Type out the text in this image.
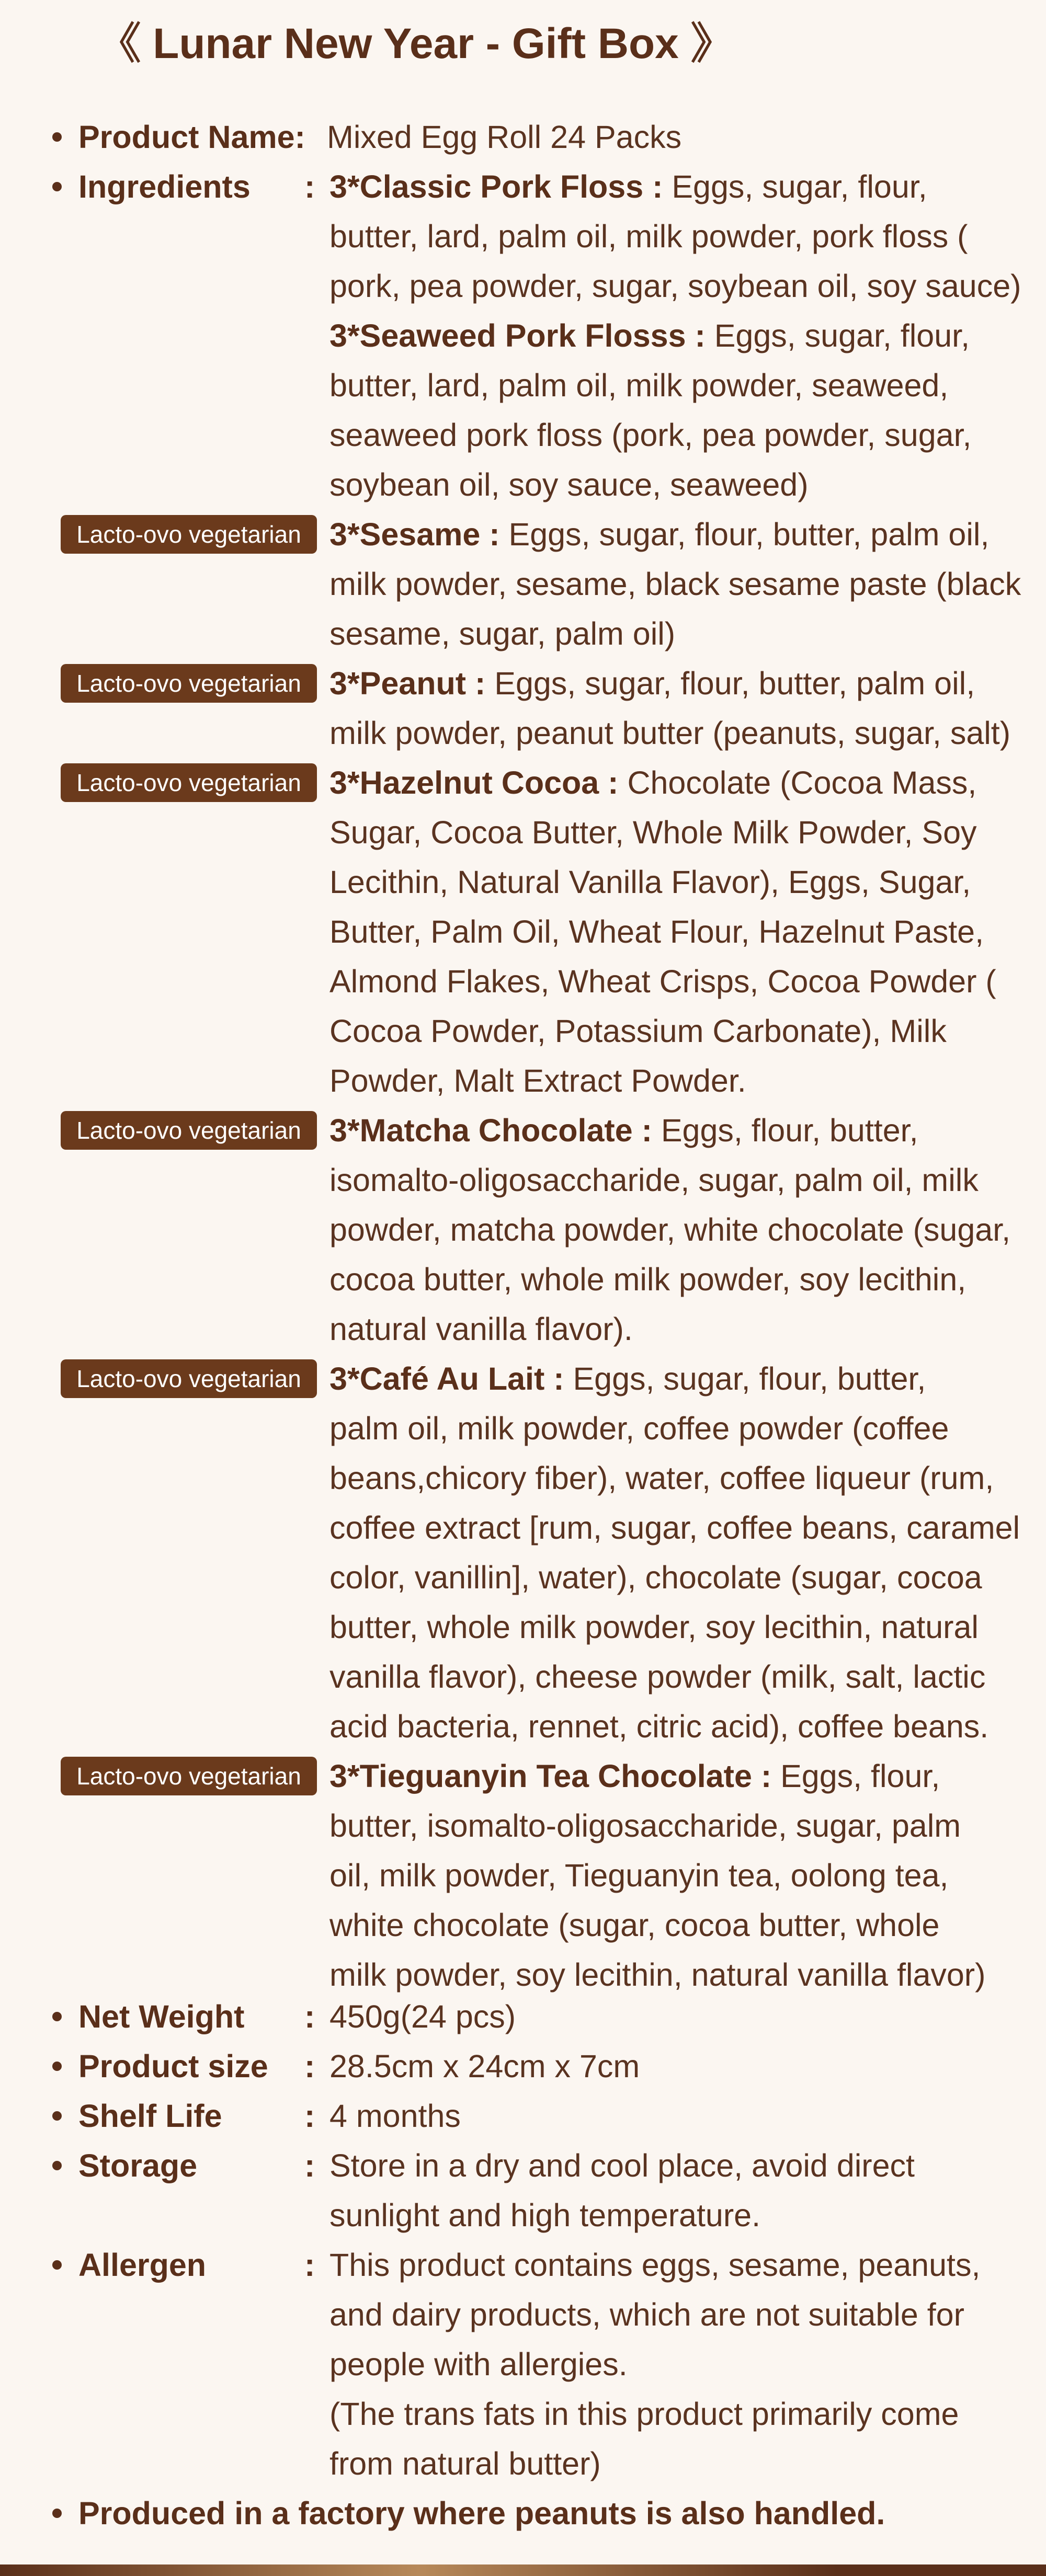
《 Lunar New Year - Gift Box 》
Product Name: Mixed Egg Roll 24 Packs
Ingredients : 3*Classic Pork Floss : Eggs, sugar, flour,
butter, lard, palm oil, milk powder, pork floss (
pork, pea powder, sugar, soybean oil, soy sauce)
3*Seaweed Pork Flosss : Eggs, sugar, flour,
butter, lard, palm oil, milk powder, seaweed,
seaweed pork floss (pork, pea powder, sugar,
soybean oil, soy sauce, seaweed)
Lacto-ovo vegetarian 3*Sesame : Eggs, sugar, flour, butter, palm oil,
milk powder, sesame, black sesame paste (black
sesame, sugar, palm oil)
Lacto-ovo vegetarian 3*Peanut : Eggs, sugar, flour, butter, palm oil,
milk powder, peanut butter (peanuts, sugar, salt)
Lacto-ovo vegetarian 3*Hazelnut Cocoa : Chocolate (Cocoa Mass,
Sugar, Cocoa Butter, Whole Milk Powder, Soy
Lecithin, Natural Vanilla Flavor), Eggs, Sugar,
Butter, Palm Oil, Wheat Flour, Hazelnut Paste,
Almond Flakes, Wheat Crisps, Cocoa Powder (
Cocoa Powder, Potassium Carbonate), Milk
Powder, Malt Extract Powder.
Lacto-ovo vegetarian 3*Matcha Chocolate : Eggs, flour, butter,
isomalto-oligosaccharide, sugar, palm oil, milk
powder, matcha powder, white chocolate (sugar,
cocoa butter, whole milk powder, soy lecithin,
natural vanilla flavor).
Lacto-ovo vegetarian 3*Café Au Lait : Eggs, sugar, flour, butter,
palm oil, milk powder, coffee powder (coffee
beans,chicory fiber), water, coffee liqueur (rum,
coffee extract [rum, sugar, coffee beans, caramel
color, vanillin], water), chocolate (sugar, cocoa
butter, whole milk powder, soy lecithin, natural
vanilla flavor), cheese powder (milk, salt, lactic
acid bacteria, rennet, citric acid), coffee beans.
Lacto-ovo vegetarian 3*Tieguanyin Tea Chocolate : Eggs, flour,
butter, isomalto-oligosaccharide, sugar, palm
oil, milk powder, Tieguanyin tea, oolong tea,
white chocolate (sugar, cocoa butter, whole
milk powder, soy lecithin, natural vanilla flavor)
Net Weight : 450g(24 pcs)
Product size : 28.5cm x 24cm x 7cm
Shelf Life	: 4 months
Storage	: Store in a dry and cool place, avoid direct
sunlight and high temperature.
Allergen	: This product contains eggs, sesame, peanuts,
and dairy products, which are not suitable for
people with allergies.
(The trans fats in this product primarily come
from natural butter)
Produced in a factory where peanuts is also handled.
